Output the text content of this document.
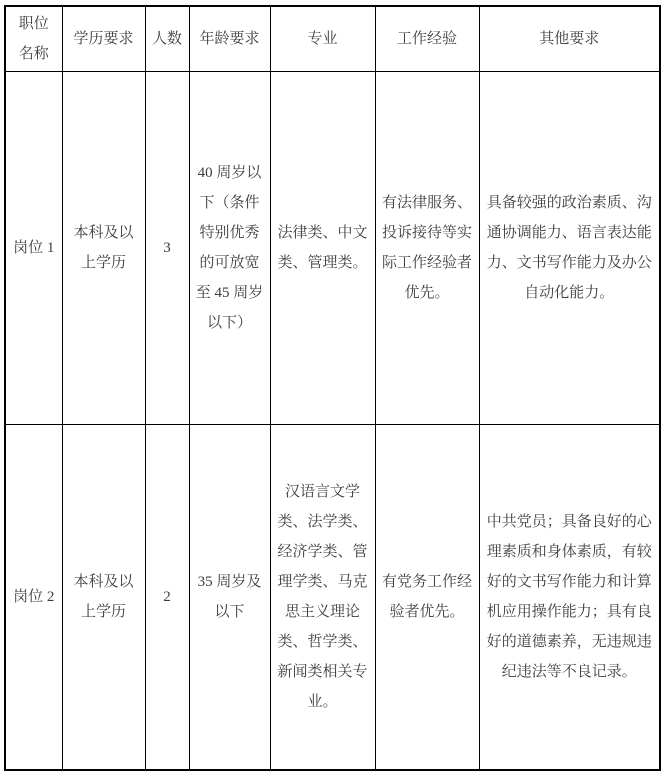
职位名称	学历要求	人数	年龄要求	专业	工作经验	其他要求
岗位 1	本科及以上学历	3	40 周岁以下（条件特别优秀的可放宽至 45 周岁以下）	法律类、中文类、管理类。	有法律服务、投诉接待等实际工作经验者优先。	具备较强的政治素质、沟通协调能力、语言表达能力、文书写作能力及办公自动化能力。
岗位 2	本科及以上学历	2	35 周岁及以下	汉语言文学类、法学类、经济学类、管理学类、马克思主义理论类、哲学类、新闻类相关专业。	有党务工作经验者优先。	中共党员；具备良好的心理素质和身体素质，有较好的文书写作能力和计算机应用操作能力；具有良好的道德素养，无违规违纪违法等不良记录。
